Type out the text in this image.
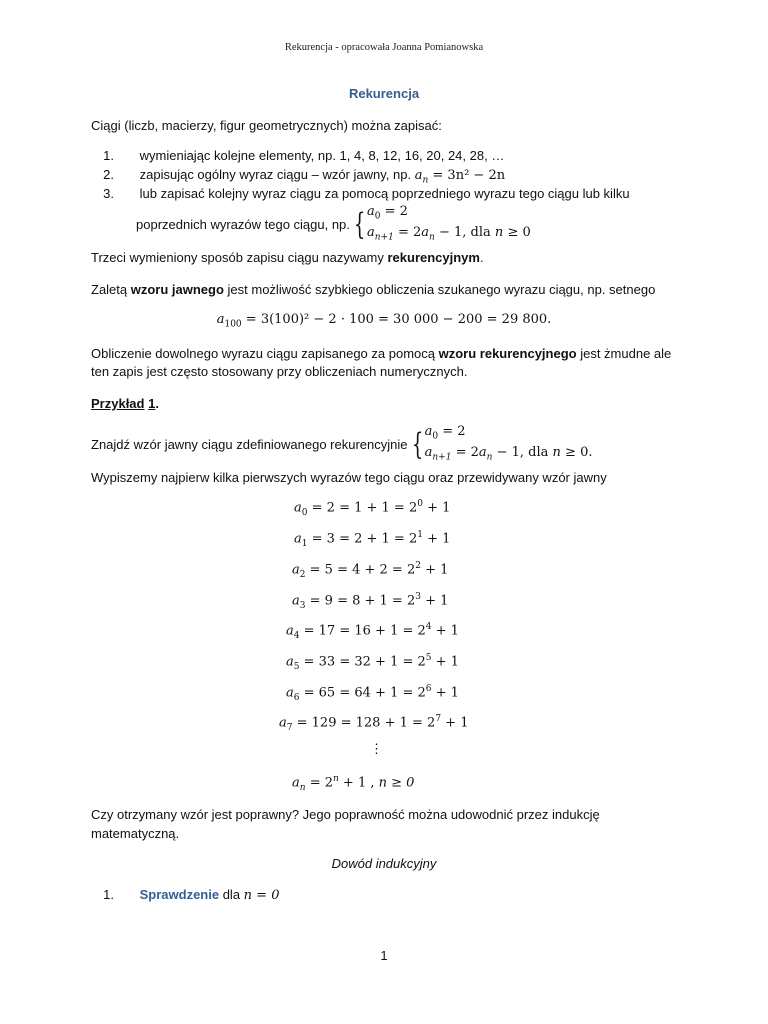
Rekurencja - opracowała Joanna Pomianowska
Rekurencja
Ciągi (liczb, macierzy, figur geometrycznych) można zapisać:
1. wymieniając kolejne elementy, np. 1, 4, 8, 12, 16, 20, 24, 28, …
2. zapisując ogólny wyraz ciągu – wzór jawny, np. $a_n = 3n^2 - 2n$
3. lub zapisać kolejny wyraz ciągu za pomocą poprzedniego wyrazu tego ciągu lub kilku
poprzednich wyrazów tego ciągu, np. { $a_0 = 2$
$a_{n+1} = 2a_n - 1$, dla n ≥ 0
Trzeci wymieniony sposób zapisu ciągu nazywamy rekurencyjnym.
Zaletą wzoru jawnego jest możliwość szybkiego obliczenia szukanego wyrazu ciągu, np. setnego
$a_{100} = 3(100)^2 - 2 \cdot 100 = 30$ 000 − 200 = 29 800.
Obliczenie dowolnego wyrazu ciągu zapisanego za pomocą wzoru rekurencyjnego jest żmudne ale
ten zapis jest często stosowany przy obliczeniach numerycznych.
Przykład 1.
Znajdź wzór jawny ciągu zdefiniowanego rekurencyjnie { $a_0 = 2$
$a_{n+1} = 2a_n - 1$, dla n ≥ 0.
Wypiszemy najpierw kilka pierwszych wyrazów tego ciągu oraz przewidywany wzór jawny
$a_0 = 2 = 1 + 1 = 2^0 + 1$
$a_1 = 3 = 2 + 1 = 2^1 + 1$
$a_2 = 5 = 4 + 2 = 2^2 + 1$
$a_3 = 9 = 8 + 1 = 2^3 + 1$
$a_4 = 17 = 16 + 1 = 2^4 + 1$
$a_5 = 33 = 32 + 1 = 2^5 + 1$
$a_6 = 65 = 64 + 1 = 2^6 + 1$
$a_7 = 129 = 128 + 1 = 2^7 + 1$
⋮
$a_n = 2^n + 1$ , n ≥ 0
Czy otrzymany wzór jest poprawny? Jego poprawność można udowodnić przez indukcję
matematyczną.
Dowód indukcyjny
1. Sprawdzenie dla n = 0
1
